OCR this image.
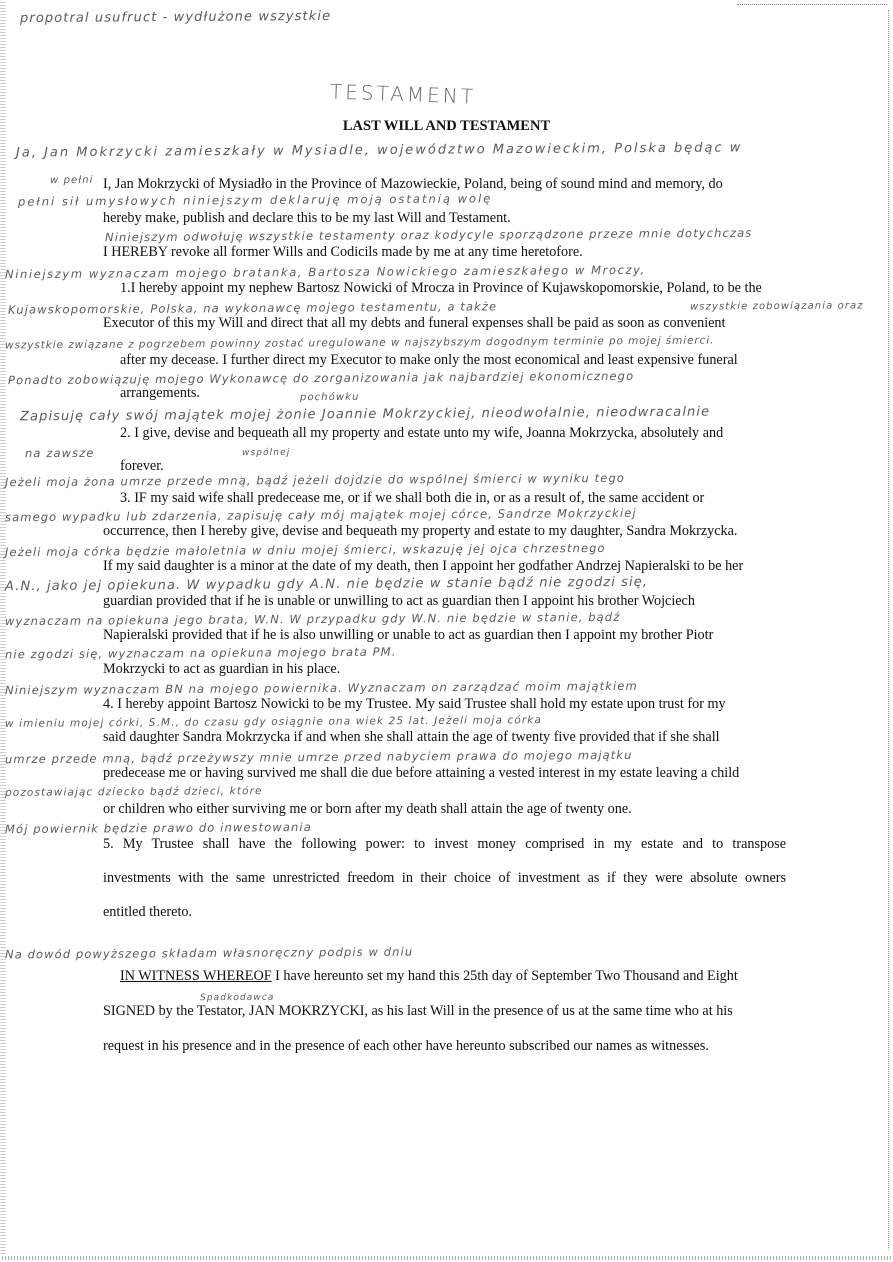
propotral usufruct - wydłużone wszystkie
TESTAMENT
LAST WILL AND TESTAMENT
Ja, Jan Mokrzycki zamieszkały w Mysiadle, województwo Mazowieckim, Polska będąc w
w pełni
pełni sił umysłowych niniejszym deklaruję moją ostatnią wolę
Niniejszym odwołuję wszystkie testamenty oraz kodycyle sporządzone przeze mnie dotychczas
Niniejszym wyznaczam mojego bratanka, Bartosza Nowickiego zamieszkałego w Mroczy,
Kujawskopomorskie, Polska, na wykonawcę mojego testamentu, a także	wszystkie zobowiązania oraz
wszystkie związane z pogrzebem powinny zostać uregulowane w najszybszym dogodnym terminie po mojej śmierci.
Ponadto zobowiązuję mojego Wykonawcę do zorganizowania jak najbardziej ekonomicznego
pochówku
Zapisuję cały swój majątek mojej żonie Joannie Mokrzyckiej, nieodwołalnie, nieodwracalnie
na zawsze	wspólnej
Jeżeli moja żona umrze przede mną, bądź jeżeli dojdzie do wspólnej śmierci w wyniku tego
samego wypadku lub zdarzenia, zapisuję cały mój majątek mojej córce, Sandrze Mokrzyckiej
Jeżeli moja córka będzie małoletnia w dniu mojej śmierci, wskazuję jej ojca chrzestnego
A.N., jako jej opiekuna. W wypadku gdy A.N. nie będzie w stanie bądź nie zgodzi się,
wyznaczam na opiekuna jego brata, W.N. W przypadku gdy W.N. nie będzie w stanie, bądź
nie zgodzi się, wyznaczam na opiekuna mojego brata PM.
Niniejszym wyznaczam BN na mojego powiernika. Wyznaczam on zarządzać moim majątkiem
w imieniu mojej córki, S.M., do czasu gdy osiągnie ona wiek 25 lat. Jeżeli moja córka
umrze przede mną, bądź przeżywszy mnie umrze przed nabyciem prawa do mojego majątku
pozostawiając dziecko bądź dzieci, które
Mój powiernik będzie prawo do inwestowania
Na dowód powyższego składam własnoręczny podpis w dniu
Spadkodawca
I, Jan Mokrzycki of Mysiadło in the Province of Mazowieckie, Poland, being of sound mind and memory, do
hereby make, publish and declare this to be my last Will and Testament.
I HEREBY revoke all former Wills and Codicils made by me at any time heretofore.
1.I hereby appoint my nephew Bartosz Nowicki of Mrocza in Province of Kujawskopomorskie, Poland, to be the
Executor of this my Will and direct that all my debts and funeral expenses shall be paid as soon as convenient
after my decease. I further direct my Executor to make only the most economical and least expensive funeral
arrangements.
2. I give, devise and bequeath all my property and estate unto my wife, Joanna Mokrzycka, absolutely and
forever.
3. IF my said wife shall predecease me, or if we shall both die in, or as a result of, the same accident or
occurrence, then I hereby give, devise and bequeath my property and estate to my daughter, Sandra Mokrzycka.
If my said daughter is a minor at the date of my death, then I appoint her godfather Andrzej Napieralski to be her
guardian provided that if he is unable or unwilling to act as guardian then I appoint his brother Wojciech
Napieralski provided that if he is also unwilling or unable to act as guardian then I appoint my brother Piotr
Mokrzycki to act as guardian in his place.
4. I hereby appoint Bartosz Nowicki to be my Trustee. My said Trustee shall hold my estate upon trust for my
said daughter Sandra Mokrzycka if and when she shall attain the age of twenty five provided that if she shall
predecease me or having survived me shall die due before attaining a vested interest in my estate leaving a child
or children who either surviving me or born after my death shall attain the age of twenty one.
5. My Trustee shall have the following power: to invest money comprised in my estate and to transpose
investments with the same unrestricted freedom in their choice of investment as if they were absolute owners
entitled thereto.
IN WITNESS WHEREOF I have hereunto set my hand this 25th day of September Two Thousand and Eight
SIGNED by the Testator, JAN MOKRZYCKI, as his last Will in the presence of us at the same time who at his
request in his presence and in the presence of each other have hereunto subscribed our names as witnesses.
